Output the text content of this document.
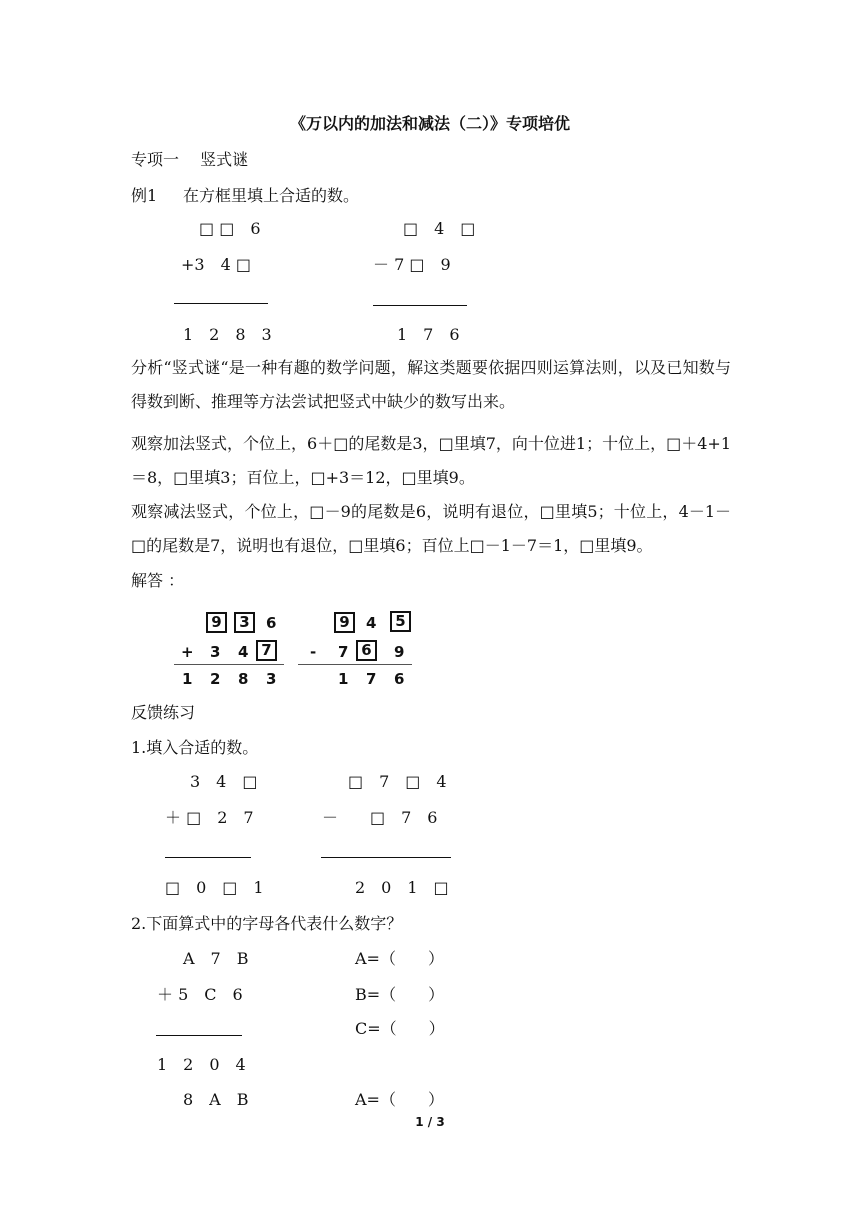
《万以内的加法和减法（二）》专项培优
专项一　 竖式谜
例1 在方框里填上合适的数。
□ □　6
+3　4 □
1　2　8　3
□　4　□
－ 7 □　9
1　7　6
分析“竖式谜“是一种有趣的数学问题，解这类题要依据四则运算法则，以及已知数与得数到断、推理等方法尝试把竖式中缺少的数写出来。
观察加法竖式，个位上，6＋□的尾数是3，□里填7，向十位进1；十位上，□＋4+1＝8，□里填3；百位上，□+3＝12，□里填9。
观察减法竖式，个位上，□－9的尾数是6，说明有退位，□里填5；十位上，4－1－□的尾数是7，说明也有退位，□里填6；百位上□－1－7＝1，□里填9。
解答 ：
9	3	6
+ 3 4 7
1 2 8 3
9	4	5
- 7 6	9
1 7 6
反馈练习
1.填入合适的数。
3　4　□
＋ □　2　7
□　0　□　1
□　7　□　4
－　　□　7　6
2　0　1　□
2.下面算式中的字母各代表什么数字？
A　7　B
＋ 5　C　6
1　2　0　4
8　A　B
A=（　　）
B=（　　）
C=（　　）
A=（　　）
1 / 3
